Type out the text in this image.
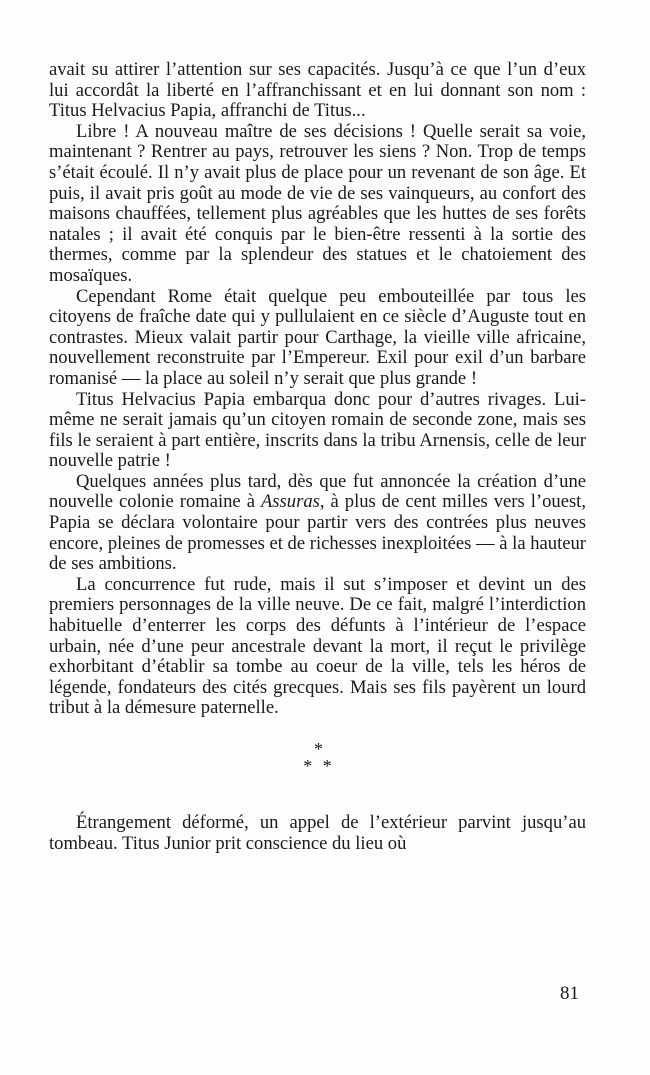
avait su attirer l’attention sur ses capacités. Jusqu’à ce que l’un d’eux lui accordât la liberté en l’affranchissant et en lui donnant son nom : Titus Helvacius Papia, affranchi de Titus...

Libre ! A nouveau maître de ses décisions ! Quelle serait sa voie, maintenant ? Rentrer au pays, retrouver les siens ? Non. Trop de temps s’était écoulé. Il n’y avait plus de place pour un revenant de son âge. Et puis, il avait pris goût au mode de vie de ses vainqueurs, au confort des maisons chauffées, tellement plus agréables que les huttes de ses forêts natales ; il avait été conquis par le bien-être ressenti à la sortie des thermes, comme par la splendeur des statues et le chatoiement des mosaïques.

Cependant Rome était quelque peu embouteillée par tous les citoyens de fraîche date qui y pullulaient en ce siècle d’Auguste tout en contrastes. Mieux valait partir pour Carthage, la vieille ville africaine, nouvellement reconstruite par l’Empereur. Exil pour exil d’un barbare romanisé — la place au soleil n’y serait que plus grande !

Titus Helvacius Papia embarqua donc pour d’autres rivages. Lui-même ne serait jamais qu’un citoyen romain de seconde zone, mais ses fils le seraient à part entière, inscrits dans la tribu Arnensis, celle de leur nouvelle patrie !

Quelques années plus tard, dès que fut annoncée la création d’une nouvelle colonie romaine à Assuras, à plus de cent milles vers l’ouest, Papia se déclara volontaire pour partir vers des contrées plus neuves encore, pleines de promesses et de richesses inexploitées — à la hauteur de ses ambitions.

La concurrence fut rude, mais il sut s’imposer et devint un des premiers personnages de la ville neuve. De ce fait, malgré l’interdiction habituelle d’enterrer les corps des défunts à l’intérieur de l’espace urbain, née d’une peur ancestrale devant la mort, il reçut le privilège exhorbitant d’établir sa tombe au coeur de la ville, tels les héros de légende, fondateurs des cités grecques. Mais ses fils payèrent un lourd tribut à la démesure paternelle.

*
* *

Étrangement déformé, un appel de l’extérieur parvint jusqu’au tombeau. Titus Junior prit conscience du lieu où

81
